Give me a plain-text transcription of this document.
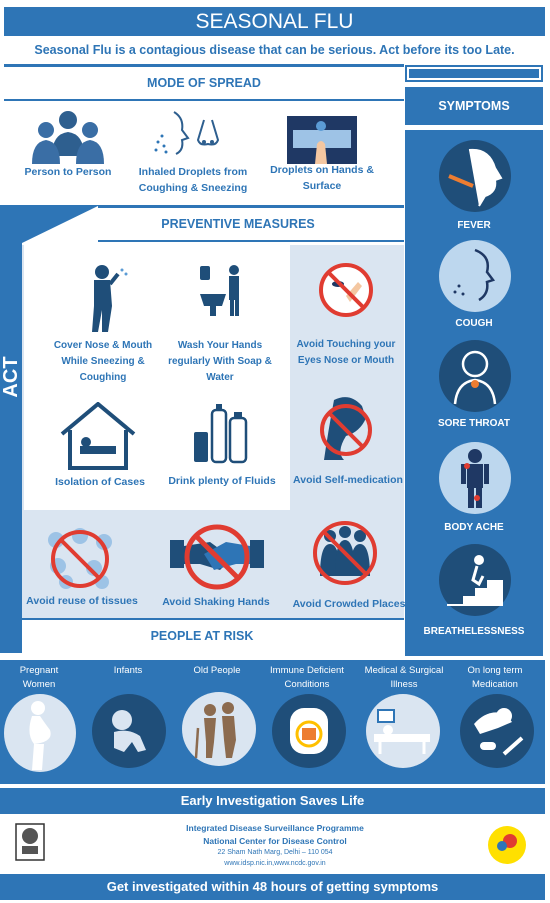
SEASONAL FLU
Seasonal Flu is a contagious disease that can be serious. Act before its too Late.
MODE OF SPREAD
Person to Person	Inhaled Droplets from Coughing & Sneezing
Droplets on Hands & Surface
SYMPTOMS
FEVER
COUGH
SORE THROAT
BODY ACHE
BREATHELESSNESS
ACT
PREVENTIVE MEASURES
Cover Nose & Mouth While Sneezing & Coughing
Wash Your Hands regularly With Soap & Water
Avoid Touching your Eyes Nose or Mouth
Isolation of Cases	Drink plenty of Fluids	Avoid Self-medication
Avoid reuse of tissues	Avoid Shaking Hands	Avoid Crowded Places
PEOPLE AT RISK
Pregnant Women
Infants	Old People	Immune Deficient Conditions
Medical & Surgical Illness
On long term Medication
Early Investigation Saves Life
Integrated Disease Surveillance Programme
National Center for Disease Control
22 Sham Nath Marg, Delhi – 110 054
www.idsp.nic.in,www.ncdc.gov.in
Get investigated within 48 hours of getting symptoms
